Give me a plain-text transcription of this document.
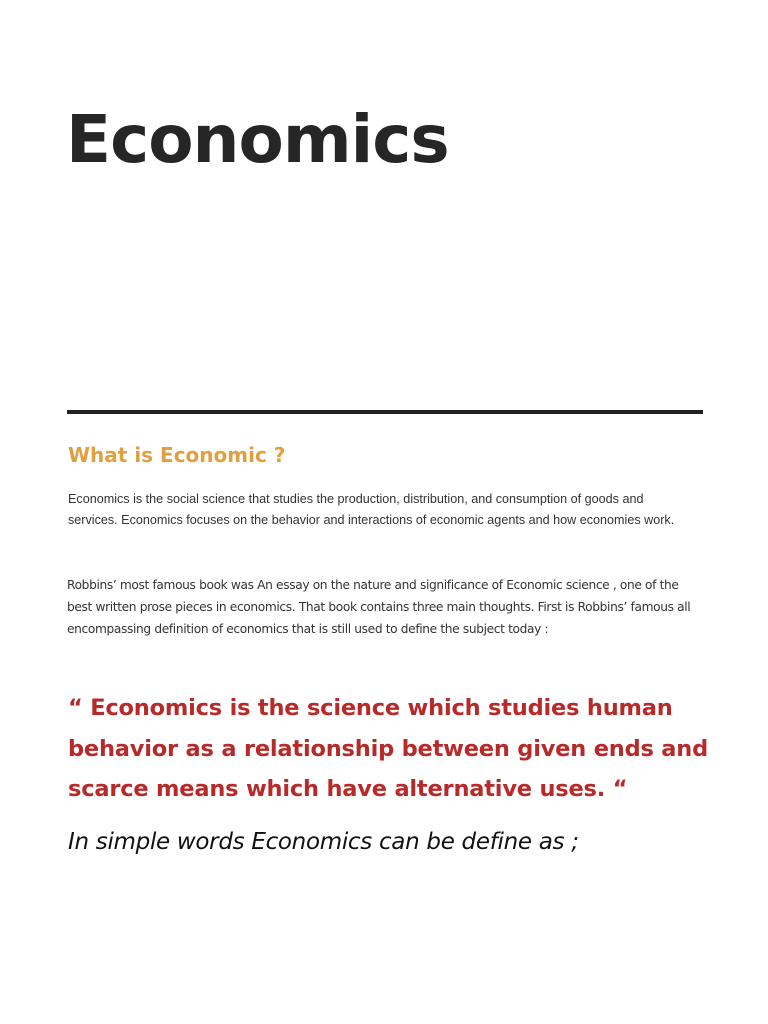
Economics
What is Economic ?

Economics is the social science that studies the production, distribution, and consumption of goods and services. Economics focuses on the behavior and interactions of economic agents and how economies work.

Robbins’ most famous book was An essay on the nature and significance of Economic science , one of the best written prose pieces in economics. That book contains three main thoughts. First is Robbins’ famous all encompassing definition of economics that is still used to define the subject today :

“ Economics is the science which studies human behavior as a relationship between given ends and scarce means which have alternative uses. “

In simple words Economics can be define as ;
